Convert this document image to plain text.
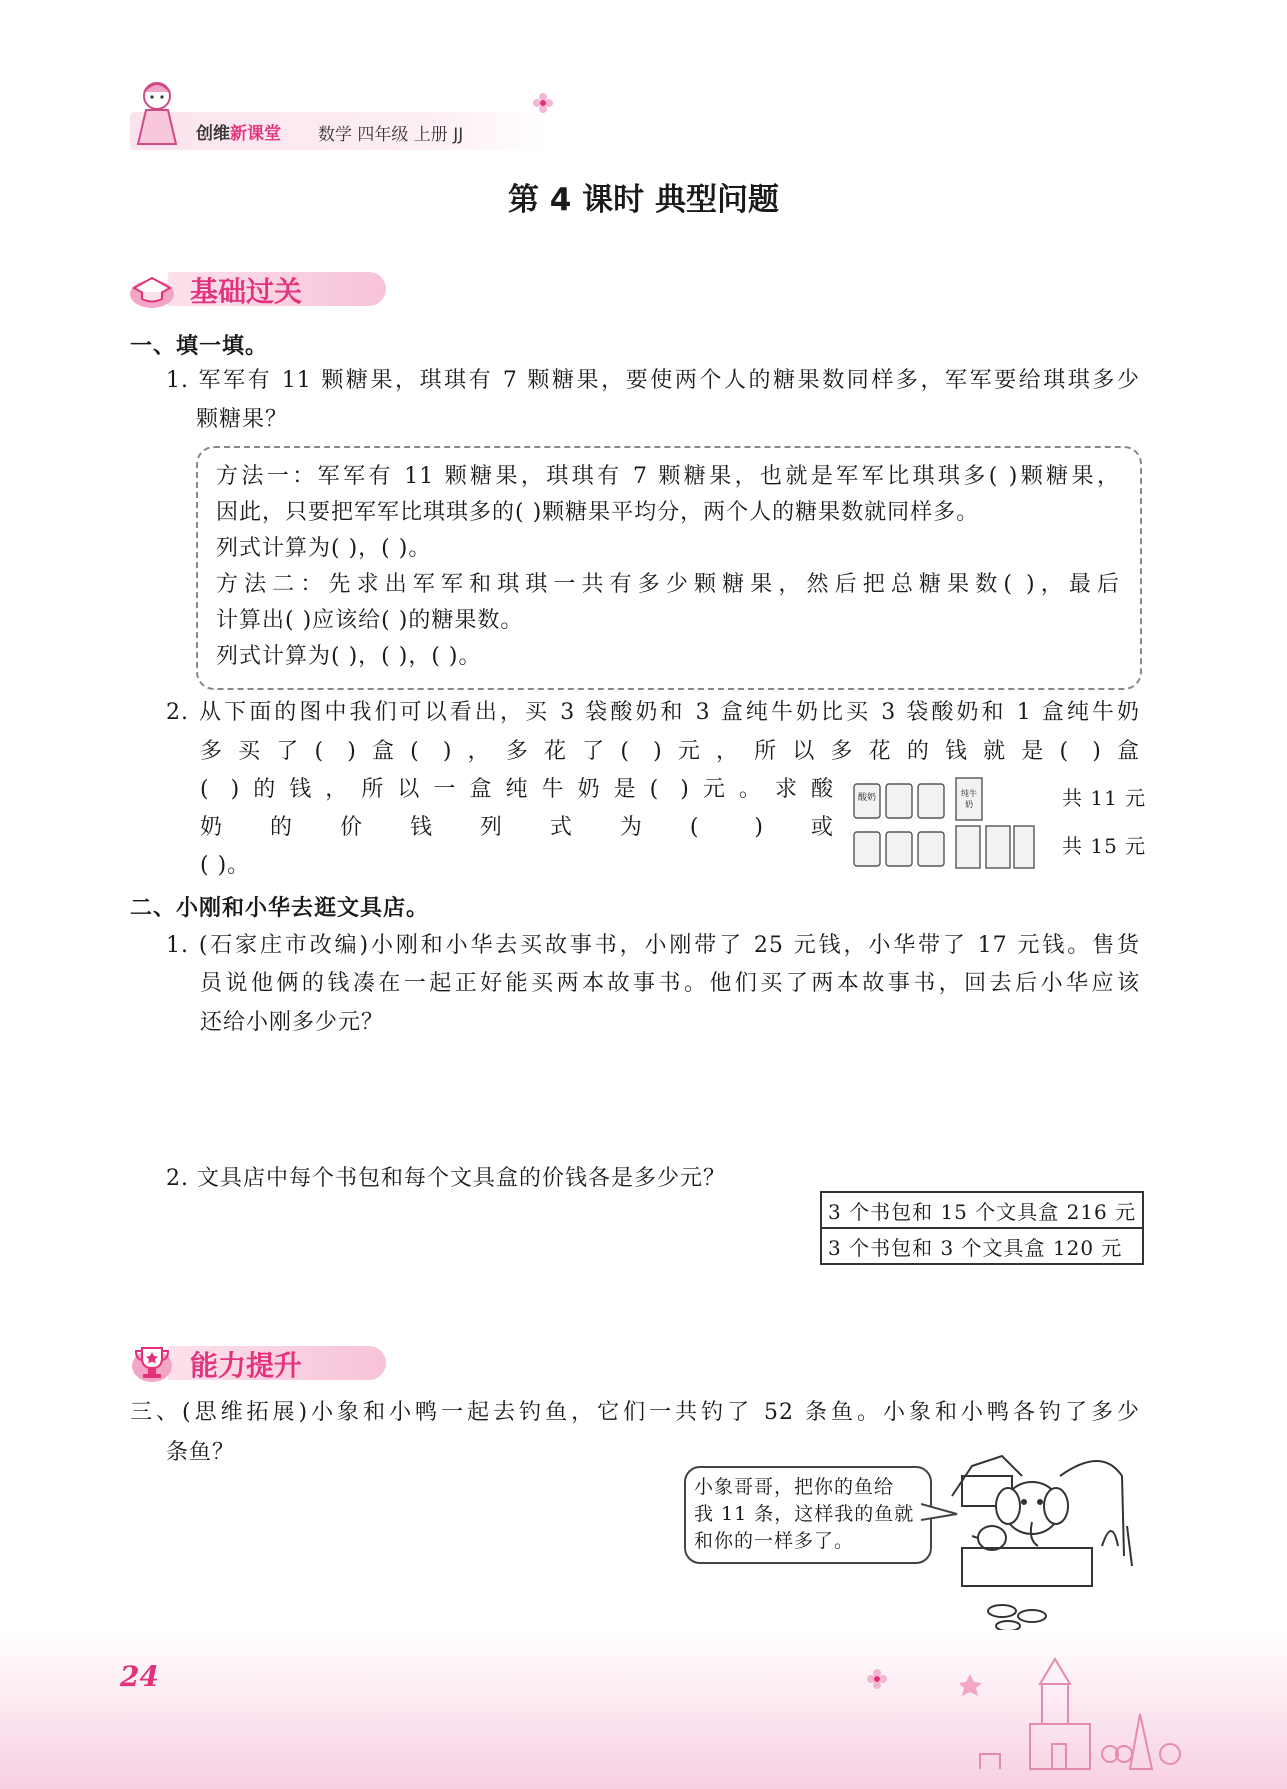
创维新课堂 数学 四年级 上册 JJ
第 4 课时 典型问题
基础过关
一、填一填。
1. 军军有 11 颗糖果，琪琪有 7 颗糖果，要使两个人的糖果数同样多，军军要给琪琪多少
颗糖果？
方法一：军军有 11 颗糖果，琪琪有 7 颗糖果，也就是军军比琪琪多( )颗糖果，
因此，只要把军军比琪琪多的( )颗糖果平均分，两个人的糖果数就同样多。
列式计算为( )，( )。
方法二：先求出军军和琪琪一共有多少颗糖果，然后把总糖果数( )，最后
计算出( )应该给( )的糖果数。
列式计算为( )，( )，( )。
2. 从下面的图中我们可以看出，买 3 袋酸奶和 3 盒纯牛奶比买 3 袋酸奶和 1 盒纯牛奶
多买了( )盒( )，多花了( )元，所以多花的钱就是( )盒
( )的钱，所以一盒纯牛奶是( )元。求酸
奶的价钱列式为( )或
( )。
酸奶	纯牛奶	共 11 元
共 15 元
二、小刚和小华去逛文具店。
1. (石家庄市改编)小刚和小华去买故事书，小刚带了 25 元钱，小华带了 17 元钱。售货
员说他俩的钱凑在一起正好能买两本故事书。他们买了两本故事书，回去后小华应该
还给小刚多少元？
2. 文具店中每个书包和每个文具盒的价钱各是多少元？
3 个书包和 15 个文具盒 216 元
3 个书包和 3 个文具盒 120 元
能力提升
三、(思维拓展)小象和小鸭一起去钓鱼，它们一共钓了 52 条鱼。小象和小鸭各钓了多少
条鱼？
小象哥哥，把你的鱼给
我 11 条，这样我的鱼就
和你的一样多了。
24
